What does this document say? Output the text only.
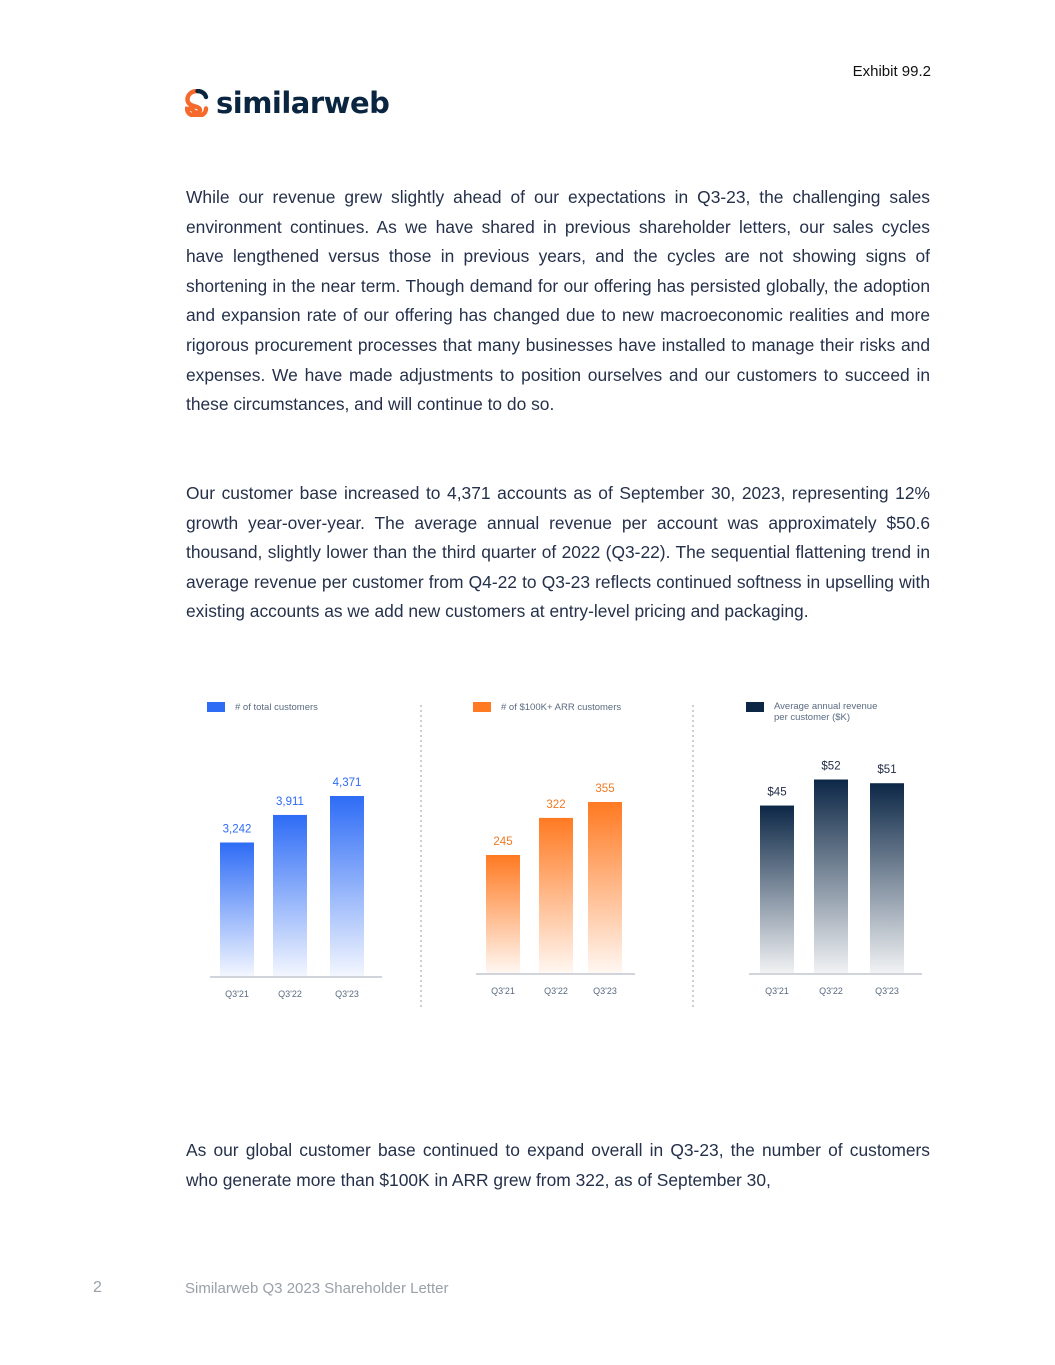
Exhibit 99.2
similarweb

While our revenue grew slightly ahead of our expectations in Q3-23, the challenging sales environment continues. As we have shared in previous shareholder letters, our sales cycles have lengthened versus those in previous years, and the cycles are not showing signs of shortening in the near term. Though demand for our offering has persisted globally, the adoption and expansion rate of our offering has changed due to new macroeconomic realities and more rigorous procurement processes that many businesses have installed to manage their risks and expenses. We have made adjustments to position ourselves and our customers to succeed in these circumstances, and will continue to do so.

Our customer base increased to 4,371 accounts as of September 30, 2023, representing 12% growth year-over-year. The average annual revenue per account was approximately $50.6 thousand, slightly lower than the third quarter of 2022 (Q3-22). The sequential flattening trend in average revenue per customer from Q4-22 to Q3-23 reflects continued softness in upselling with existing accounts as we add new customers at entry-level pricing and packaging.

# of total customers
3,242
Q3'21
3,911
Q3'22
4,371
Q3'23
# of $100K+ ARR customers
245
Q3'21
322
Q3'22
355
Q3'23
Average annual revenue
per customer ($K)
$45
Q3'21
$52
Q3'22
$51
Q3'23

As our global customer base continued to expand overall in Q3-23, the number of customers who generate more than $100K in ARR grew from 322, as of September 30,

2	Similarweb Q3 2023 Shareholder Letter
